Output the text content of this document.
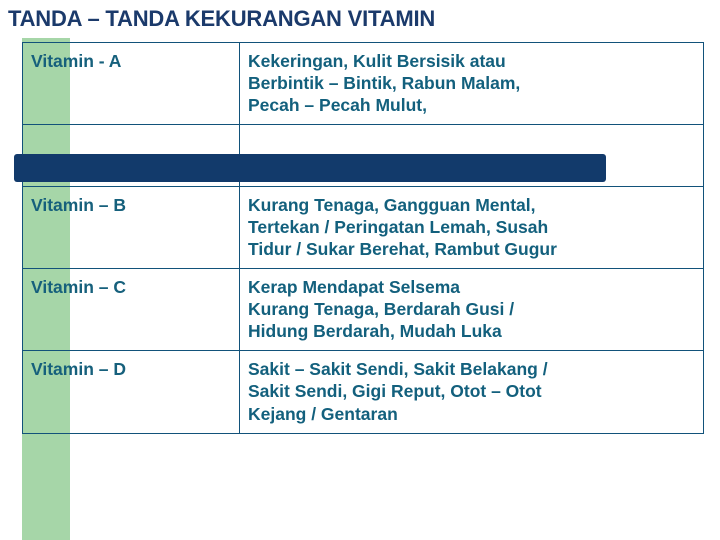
TANDA – TANDA KEKURANGAN VITAMIN
Vitamin - A	Kekeringan, Kulit Bersisik atau
Berbintik – Bintik, Rabun Malam,
Pecah – Pecah Mulut,

Vitamin – B	Kurang Tenaga, Gangguan Mental,
Tertekan / Peringatan Lemah, Susah
Tidur / Sukar Berehat, Rambut Gugur

Vitamin – C	Kerap Mendapat Selsema
Kurang Tenaga, Berdarah Gusi /
Hidung Berdarah, Mudah Luka

Vitamin – D	Sakit – Sakit Sendi, Sakit Belakang /
Sakit Sendi, Gigi Reput, Otot – Otot
Kejang / Gentaran
